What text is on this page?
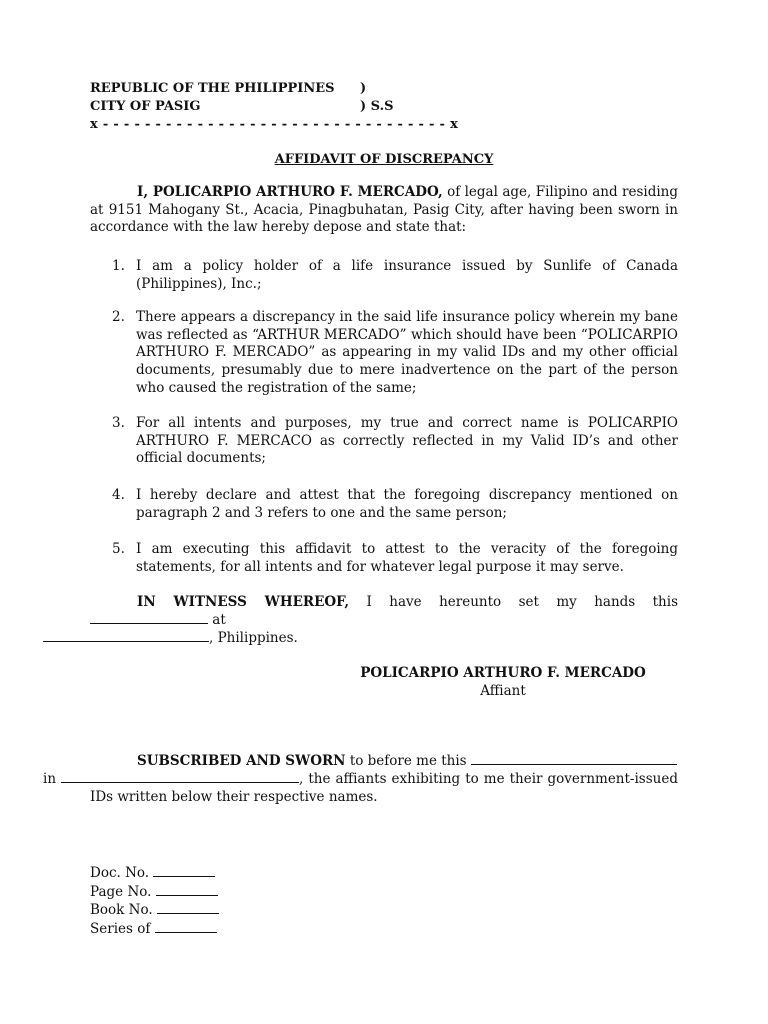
REPUBLIC OF THE PHILIPPINES )
CITY OF PASIG	) S.S
x - - - - - - - - - - - - - - - - - - - - - - - - - - - - - - - - - x
AFFIDAVIT OF DISCREPANCY
I, POLICARPIO ARTHURO F. MERCADO, of legal age, Filipino and residing at 9151 Mahogany St., Acacia, Pinagbuhatan, Pasig City, after having been sworn in accordance with the law hereby depose and state that:
1. I am a policy holder of a life insurance issued by Sunlife of Canada (Philippines), Inc.;
2. There appears a discrepancy in the said life insurance policy wherein my bane was reflected as “ARTHUR MERCADO” which should have been “POLICARPIO ARTHURO F. MERCADO” as appearing in my valid IDs and my other official documents, presumably due to mere inadvertence on the part of the person who caused the registration of the same;
3. For all intents and purposes, my true and correct name is POLICARPIO ARTHURO F. MERCACO as correctly reflected in my Valid ID’s and other official documents;
4. I hereby declare and attest that the foregoing discrepancy mentioned on paragraph 2 and 3 refers to one and the same person;
5. I am executing this affidavit to attest to the veracity of the foregoing statements, for all intents and for whatever legal purpose it may serve.
IN WITNESS WHEREOF, I have hereunto set my hands this  at
, Philippines.
POLICARPIO ARTHURO F. MERCADO
Affiant
SUBSCRIBED AND SWORN to before me this
in	, the affiants exhibiting to me their government-issued IDs written below their respective names.
Doc. No.
Page No.
Book No.
Series of
